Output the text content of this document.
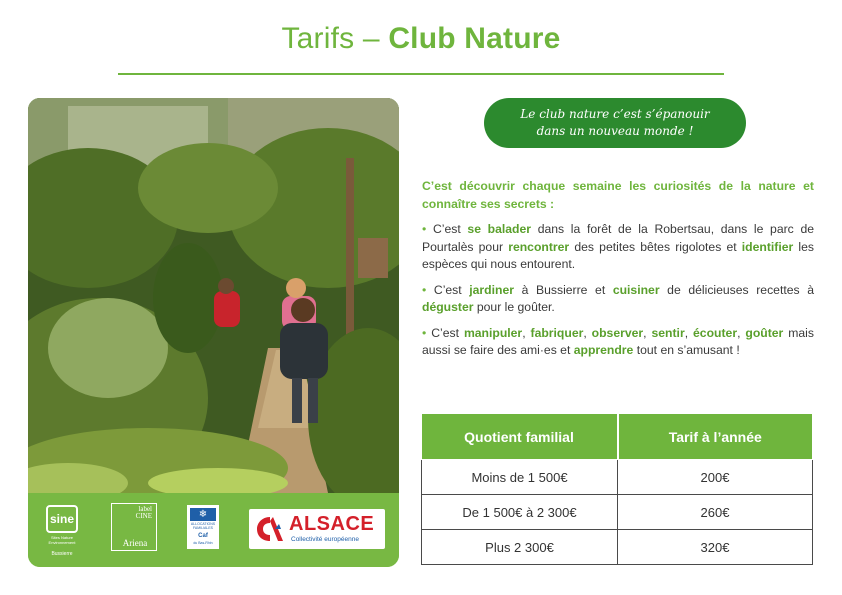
Tarifs – Club Nature
sine
Sites Nature Environnement
Bussierre
label
CINE
Ariena
❄
ALLOCATIONS
FAMILIALES
Caf
du Bas-Rhin
ALSACE
Collectivité européenne
Le club nature c’est s’épanouir
dans un nouveau monde !

C’est découvrir chaque semaine les curiosités de la nature et connaître ses secrets :

• C’est se balader dans la forêt de la Robertsau, dans le parc de Pourtalès pour rencontrer des petites bêtes rigolotes et identifier les espèces qui nous entourent.

• C’est jardiner à Bussierre et cuisiner de délicieuses recettes à déguster pour le goûter.

• C’est manipuler, fabriquer, observer, sentir, écouter, goûter mais aussi se faire des ami·es et apprendre tout en s’amusant !

Quotient familial	Tarif à l’année
Moins de 1 500€	200€
De 1 500€ à 2 300€	260€
Plus 2 300€	320€
